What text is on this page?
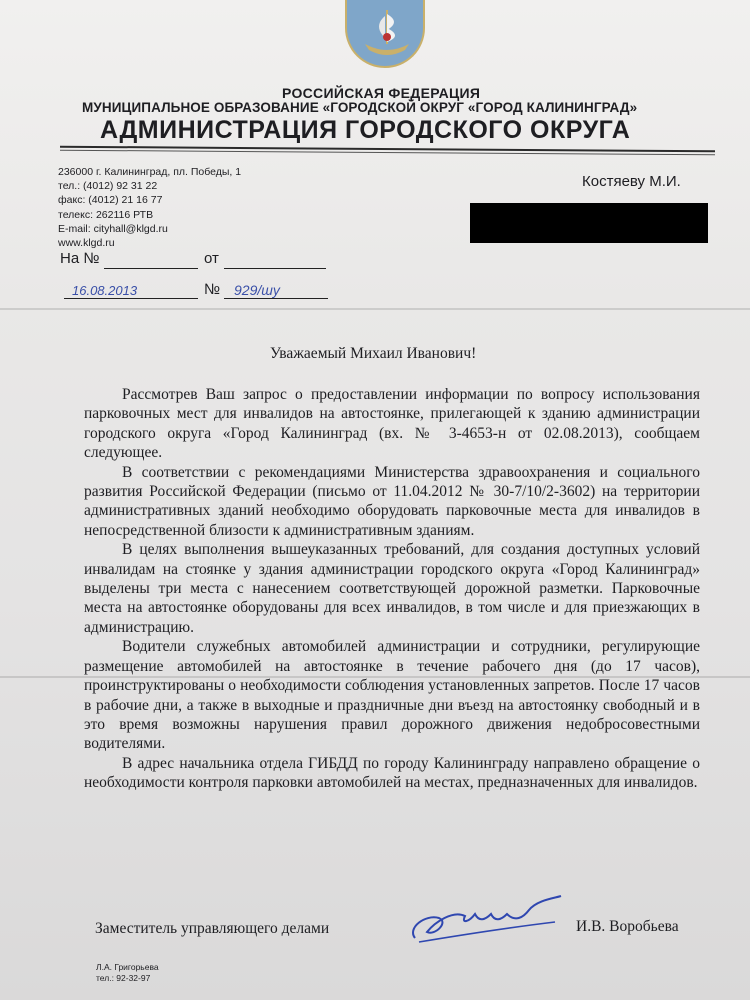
РОССИЙСКАЯ ФЕДЕРАЦИЯ
МУНИЦИПАЛЬНОЕ ОБРАЗОВАНИЕ «ГОРОДСКОЙ ОКРУГ «ГОРОД КАЛИНИНГРАД»
АДМИНИСТРАЦИЯ ГОРОДСКОГО ОКРУГА
236000 г. Калининград, пл. Победы, 1
тел.: (4012) 92 31 22
факс: (4012) 21 16 77
телекс: 262116 РТВ
E-mail: cityhall@klgd.ru
www.klgd.ru
Костяеву М.И.
На №	от
16.08.2013	№ 929/шу
Уважаемый Михаил Иванович!

Рассмотрев Ваш запрос о предоставлении информации по вопросу использования парковочных мест для инвалидов на автостоянке, прилегающей к зданию администрации городского округа «Город Калининград (вх. № 3-4653-н от 02.08.2013), сообщаем следующее.

В соответствии с рекомендациями Министерства здравоохранения и социального развития Российской Федерации (письмо от 11.04.2012 № 30-7/10/2-3602) на территории административных зданий необходимо оборудовать парковочные места для инвалидов в непосредственной близости к административным зданиям.

В целях выполнения вышеуказанных требований, для создания доступных условий инвалидам на стоянке у здания администрации городского округа «Город Калининград» выделены три места с нанесением соответствующей дорожной разметки. Парковочные места на автостоянке оборудованы для всех инвалидов, в том числе и для приезжающих в администрацию.

Водители служебных автомобилей администрации и сотрудники, регулирующие размещение автомобилей на автостоянке в течение рабочего дня (до 17 часов), проинструктированы о необходимости соблюдения установленных запретов. После 17 часов в рабочие дни, а также в выходные и праздничные дни въезд на автостоянку свободный и в это время возможны нарушения правил дорожного движения недобросовестными водителями.

В адрес начальника отдела ГИБДД по городу Калининграду направлено обращение о необходимости контроля парковки автомобилей на местах, предназначенных для инвалидов.

Заместитель управляющего делами	И.В. Воробьева
Л.А. Григорьева
тел.: 92-32-97
